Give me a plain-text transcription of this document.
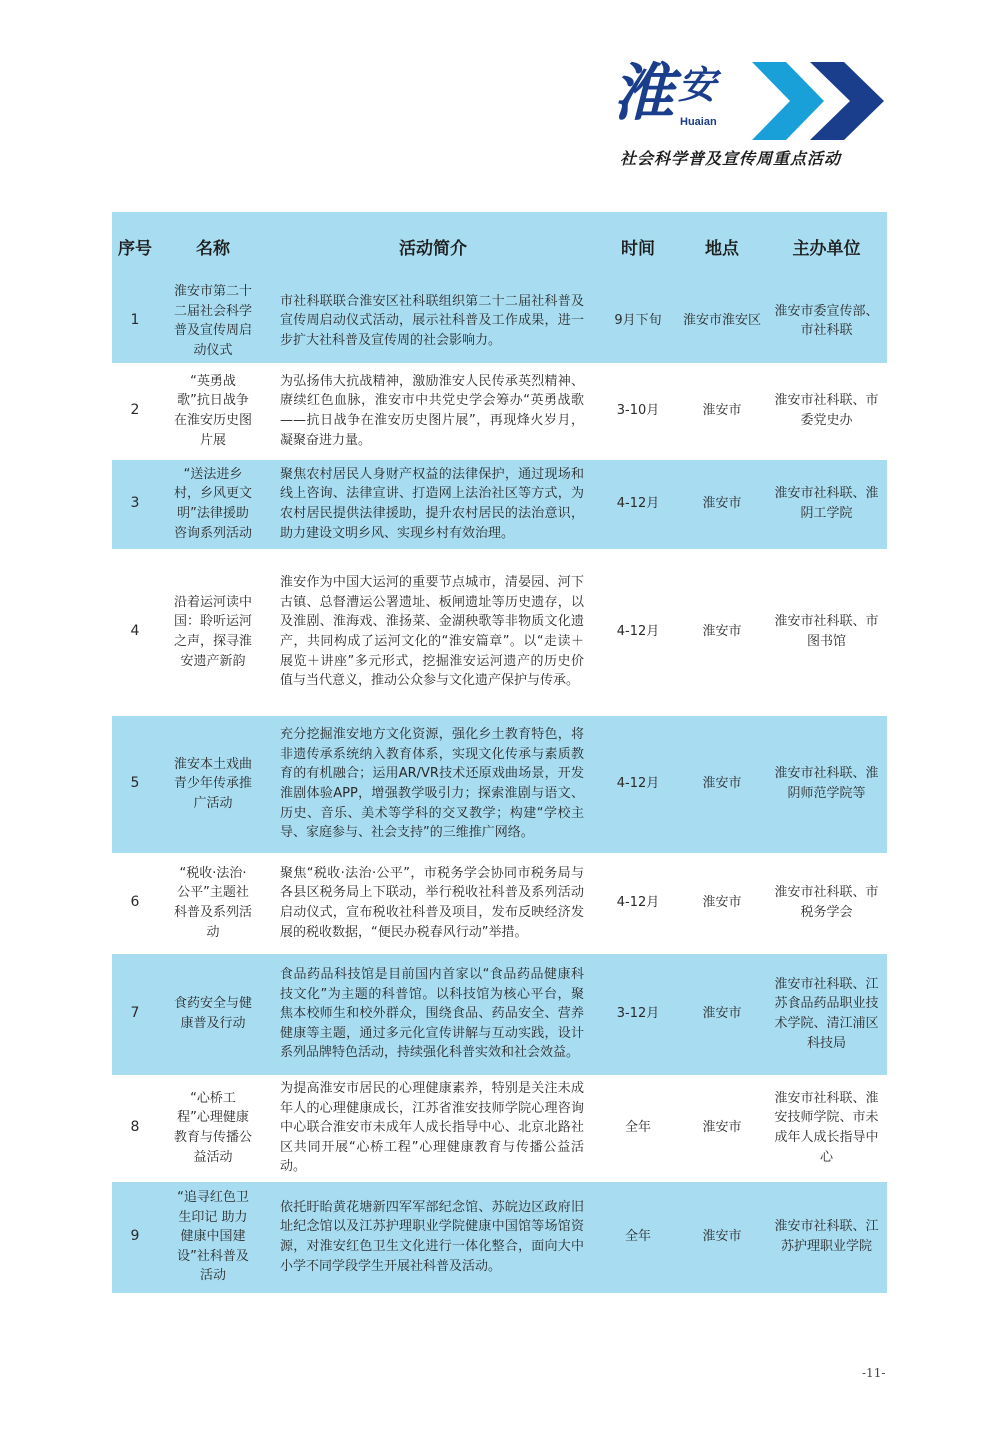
淮 安
Huaian
社会科学普及宣传周重点活动
序号	名称	活动简介	时间	地点	主办单位
1	淮安市第二十二届社会科学普及宣传周启动仪式	市社科联联合淮安区社科联组织第二十二届社科普及宣传周启动仪式活动，展示社科普及工作成果，进一步扩大社科普及宣传周的社会影响力。	9月下旬	淮安市淮安区	淮安市委宣传部、市社科联
2	“英勇战歌”抗日战争在淮安历史图片展	为弘扬伟大抗战精神，激励淮安人民传承英烈精神、赓续红色血脉，淮安市中共党史学会筹办“英勇战歌——抗日战争在淮安历史图片展”，再现烽火岁月，凝聚奋进力量。	3-10月	淮安市	淮安市社科联、市委党史办
3	“送法进乡村，乡风更文明”法律援助咨询系列活动	聚焦农村居民人身财产权益的法律保护，通过现场和线上咨询、法律宣讲、打造网上法治社区等方式，为农村居民提供法律援助，提升农村居民的法治意识，助力建设文明乡风、实现乡村有效治理。	4-12月	淮安市	淮安市社科联、淮阴工学院
4	沿着运河读中国：聆听运河之声，探寻淮安遗产新韵	淮安作为中国大运河的重要节点城市，清晏园、河下古镇、总督漕运公署遗址、板闸遗址等历史遗存，以及淮剧、淮海戏、淮扬菜、金湖秧歌等非物质文化遗产，共同构成了运河文化的“淮安篇章”。以“走读＋展览＋讲座”多元形式，挖掘淮安运河遗产的历史价值与当代意义，推动公众参与文化遗产保护与传承。	4-12月	淮安市	淮安市社科联、市图书馆
5	淮安本土戏曲青少年传承推广活动	充分挖掘淮安地方文化资源，强化乡土教育特色，将非遗传承系统纳入教育体系，实现文化传承与素质教育的有机融合；运用AR/VR技术还原戏曲场景，开发淮剧体验APP，增强教学吸引力；探索淮剧与语文、历史、音乐、美术等学科的交叉教学；构建“学校主导、家庭参与、社会支持”的三维推广网络。	4-12月	淮安市	淮安市社科联、淮阴师范学院等
6	“税收·法治·公平”主题社科普及系列活动	聚焦“税收·法治·公平”，市税务学会协同市税务局与各县区税务局上下联动，举行税收社科普及系列活动启动仪式，宣布税收社科普及项目，发布反映经济发展的税收数据，“便民办税春风行动”举措。	4-12月	淮安市	淮安市社科联、市税务学会
7	食药安全与健康普及行动	食品药品科技馆是目前国内首家以“食品药品健康科技文化”为主题的科普馆。以科技馆为核心平台，聚焦本校师生和校外群众，围绕食品、药品安全、营养健康等主题，通过多元化宣传讲解与互动实践，设计系列品牌特色活动，持续强化科普实效和社会效益。	3-12月	淮安市	淮安市社科联、江苏食品药品职业技术学院、清江浦区科技局
8	“心桥工程”心理健康教育与传播公益活动	为提高淮安市居民的心理健康素养，特别是关注未成年人的心理健康成长，江苏省淮安技师学院心理咨询中心联合淮安市未成年人成长指导中心、北京北路社区共同开展“心桥工程”心理健康教育与传播公益活动。	全年	淮安市	淮安市社科联、淮安技师学院、市未成年人成长指导中心
9	“追寻红色卫生印记 助力健康中国建设”社科普及活动	依托盱眙黄花塘新四军军部纪念馆、苏皖边区政府旧址纪念馆以及江苏护理职业学院健康中国馆等场馆资源，对淮安红色卫生文化进行一体化整合，面向大中小学不同学段学生开展社科普及活动。	全年	淮安市	淮安市社科联、江苏护理职业学院
-11-
